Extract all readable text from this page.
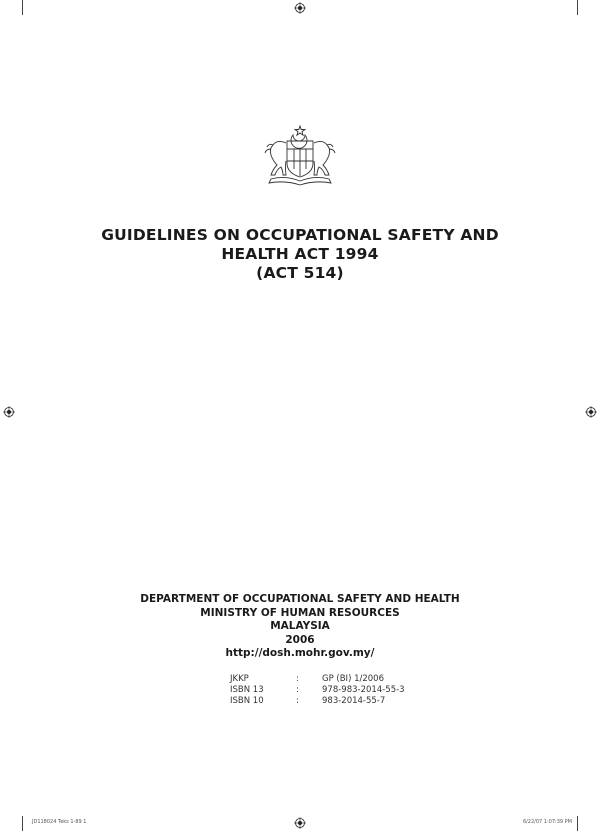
GUIDELINES ON OCCUPATIONAL SAFETY AND
HEALTH ACT 1994
(ACT 514)
DEPARTMENT OF OCCUPATIONAL SAFETY AND HEALTH
MINISTRY OF HUMAN RESOURCES
MALAYSIA
2006
http://dosh.mohr.gov.my/
JKKP	:	GP (BI) 1/2006
ISBN 13	:	978-983-2014-55-3
ISBN 10	:	983-2014-55-7
JD118024 Teks 1-89 1	6/22/07 1:07:39 PM
